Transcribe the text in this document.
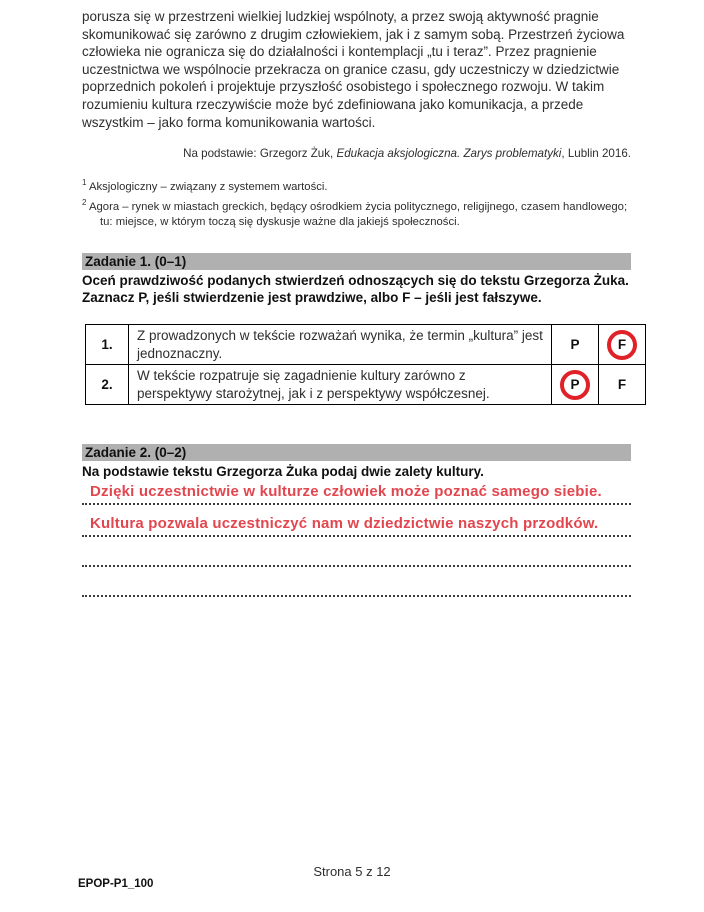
porusza się w przestrzeni wielkiej ludzkiej wspólnoty, a przez swoją aktywność pragnie skomunikować się zarówno z drugim człowiekiem, jak i z samym sobą. Przestrzeń życiowa człowieka nie ogranicza się do działalności i kontemplacji „tu i teraz”. Przez pragnienie uczestnictwa we wspólnocie przekracza on granice czasu, gdy uczestniczy w dziedzictwie poprzednich pokoleń i projektuje przyszłość osobistego i społecznego rozwoju. W takim rozumieniu kultura rzeczywiście może być zdefiniowana jako komunikacja, a przede wszystkim – jako forma komunikowania wartości.
Na podstawie: Grzegorz Żuk, Edukacja aksjologiczna. Zarys problematyki, Lublin 2016.
$^1$ Aksjologiczny – związany z systemem wartości.
$^2$ Agora – rynek w miastach greckich, będący ośrodkiem życia politycznego, religijnego, czasem handlowego;
tu: miejsce, w którym toczą się dyskusje ważne dla jakiejś społeczności.
Zadanie 1. (0–1)
Oceń prawdziwość podanych stwierdzeń odnoszących się do tekstu Grzegorza Żuka.
Zaznacz P, jeśli stwierdzenie jest prawdziwe, albo F – jeśli jest fałszywe.
1.	Z prowadzonych w tekście rozważań wynika, że termin „kultura” jest jednoznaczny.	P	F

2.	W tekście rozpatruje się zagadnienie kultury zarówno z perspektywy starożytnej, jak i z perspektywy współczesnej.	P	F
Zadanie 2. (0–2)
Na podstawie tekstu Grzegorza Żuka podaj dwie zalety kultury.
Dzięki uczestnictwie w kulturze człowiek może poznać samego siebie.
Kultura pozwala uczestniczyć nam w dziedzictwie naszych przodków.
Strona 5 z 12
EPOP-P1_100
